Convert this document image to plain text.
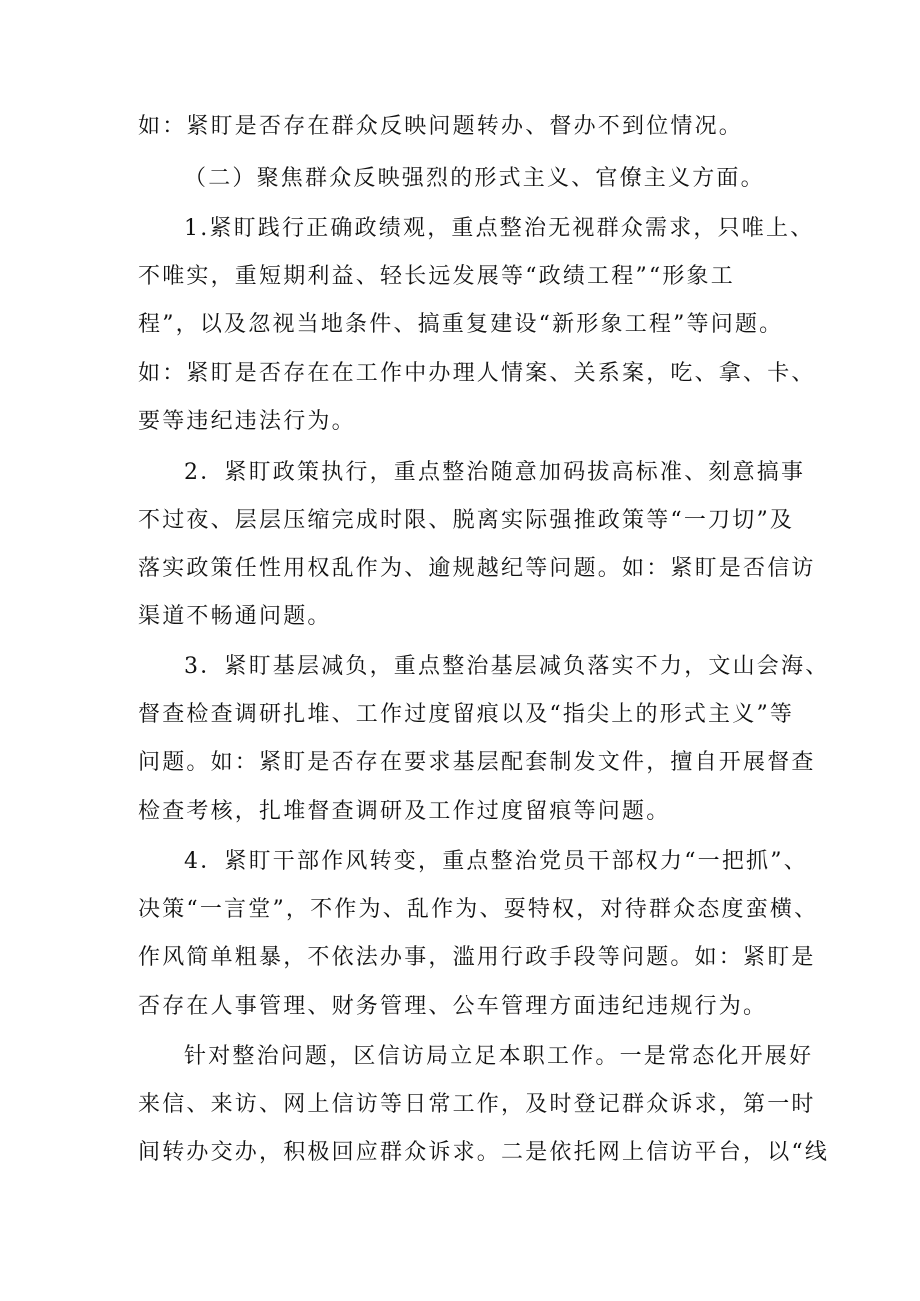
如：紧盯是否存在群众反映问题转办、督办不到位情况。
（二）聚焦群众反映强烈的形式主义、官僚主义方面。
1.紧盯践行正确政绩观，重点整治无视群众需求，只唯上、
不唯实，重短期利益、轻长远发展等“政绩工程”“形象工
程”，以及忽视当地条件、搞重复建设“新形象工程”等问题。
如：紧盯是否存在在工作中办理人情案、关系案，吃、拿、卡、
要等违纪违法行为。
2．紧盯政策执行，重点整治随意加码拔高标准、刻意搞事
不过夜、层层压缩完成时限、脱离实际强推政策等“一刀切”及
落实政策任性用权乱作为、逾规越纪等问题。如：紧盯是否信访
渠道不畅通问题。
3．紧盯基层减负，重点整治基层减负落实不力，文山会海、
督查检查调研扎堆、工作过度留痕以及“指尖上的形式主义”等
问题。如：紧盯是否存在要求基层配套制发文件，擅自开展督查
检查考核，扎堆督查调研及工作过度留痕等问题。
4．紧盯干部作风转变，重点整治党员干部权力“一把抓”、
决策“一言堂”，不作为、乱作为、耍特权，对待群众态度蛮横、
作风简单粗暴，不依法办事，滥用行政手段等问题。如：紧盯是
否存在人事管理、财务管理、公车管理方面违纪违规行为。
针对整治问题，区信访局立足本职工作。一是常态化开展好
来信、来访、网上信访等日常工作，及时登记群众诉求，第一时
间转办交办，积极回应群众诉求。二是依托网上信访平台，以“线
